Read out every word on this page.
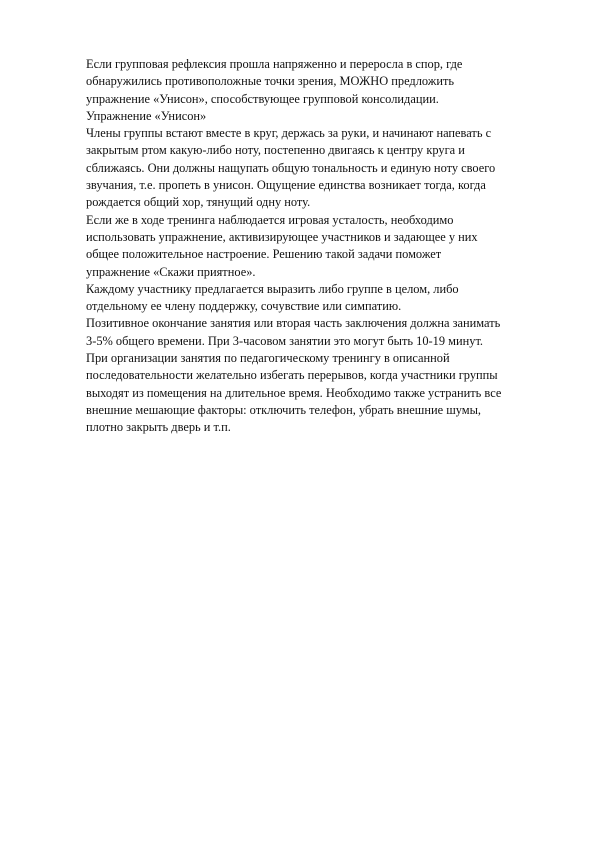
Если групповая рефлексия прошла напряженно и переросла в спор, где
обнаружились противоположные точки зрения, МОЖНО предложить
упражнение «Унисон», способствующее групповой консолидации.
Упражнение «Унисон»
Члены группы встают вместе в круг, держась за руки, и начинают напевать с
закрытым ртом какую-либо ноту, постепенно двигаясь к центру круга и
сближаясь. Они должны нащупать общую тональность и единую ноту своего
звучания, т.е. пропеть в унисон. Ощущение единства возникает тогда, когда
рождается общий хор, тянущий одну ноту.
Если же в ходе тренинга наблюдается игровая усталость, необходимо
использовать упражнение, активизирующее участников и задающее у них
общее положительное настроение. Решению такой задачи поможет
упражнение «Скажи приятное».
Каждому участнику предлагается выразить либо группе в целом, либо
отдельному ее члену поддержку, сочувствие или симпатию.
Позитивное окончание занятия или вторая часть заключения должна занимать
3-5% общего времени. При 3-часовом занятии это могут быть 10-19 минут.
При организации занятия по педагогическому тренингу в описанной
последовательности желательно избегать перерывов, когда участники группы
выходят из помещения на длительное время. Необходимо также устранить все
внешние мешающие факторы: отключить телефон, убрать внешние шумы,
плотно закрыть дверь и т.п.
